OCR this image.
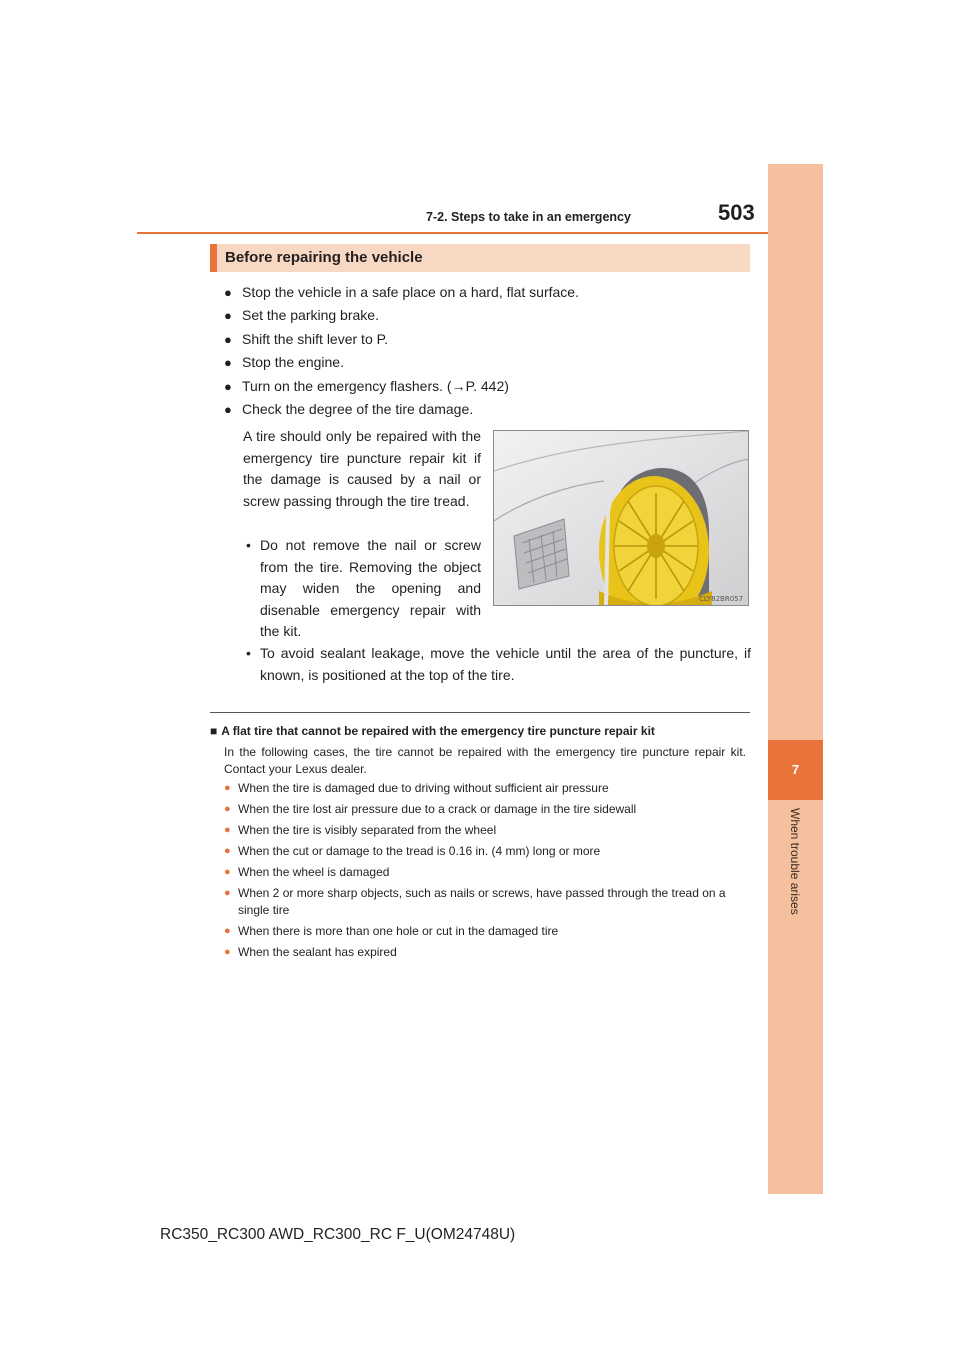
7-2. Steps to take in an emergency	503
7
When trouble arises
Before repairing the vehicle
● Stop the vehicle in a safe place on a hard, flat surface.
● Set the parking brake.
● Shift the shift lever to P.
● Stop the engine.
● Turn on the emergency flashers. (→P. 442)
● Check the degree of the tire damage.
A tire should only be repaired with the emergency tire puncture repair kit if the damage is caused by a nail or screw passing through the tire tread.
• Do not remove the nail or screw from the tire. Removing the object may widen the opening and disenable emergency repair with the kit.
• To avoid sealant leakage, move the vehicle until the area of the puncture, if known, is positioned at the top of the tire.
CLY82BR057
■ A flat tire that cannot be repaired with the emergency tire puncture repair kit
In the following cases, the tire cannot be repaired with the emergency tire puncture repair kit. Contact your Lexus dealer.
● When the tire is damaged due to driving without sufficient air pressure
● When the tire lost air pressure due to a crack or damage in the tire sidewall
● When the tire is visibly separated from the wheel
● When the cut or damage to the tread is 0.16 in. (4 mm) long or more
● When the wheel is damaged
● When 2 or more sharp objects, such as nails or screws, have passed through the tread on a single tire
● When there is more than one hole or cut in the damaged tire
● When the sealant has expired
RC350_RC300 AWD_RC300_RC F_U(OM24748U)
